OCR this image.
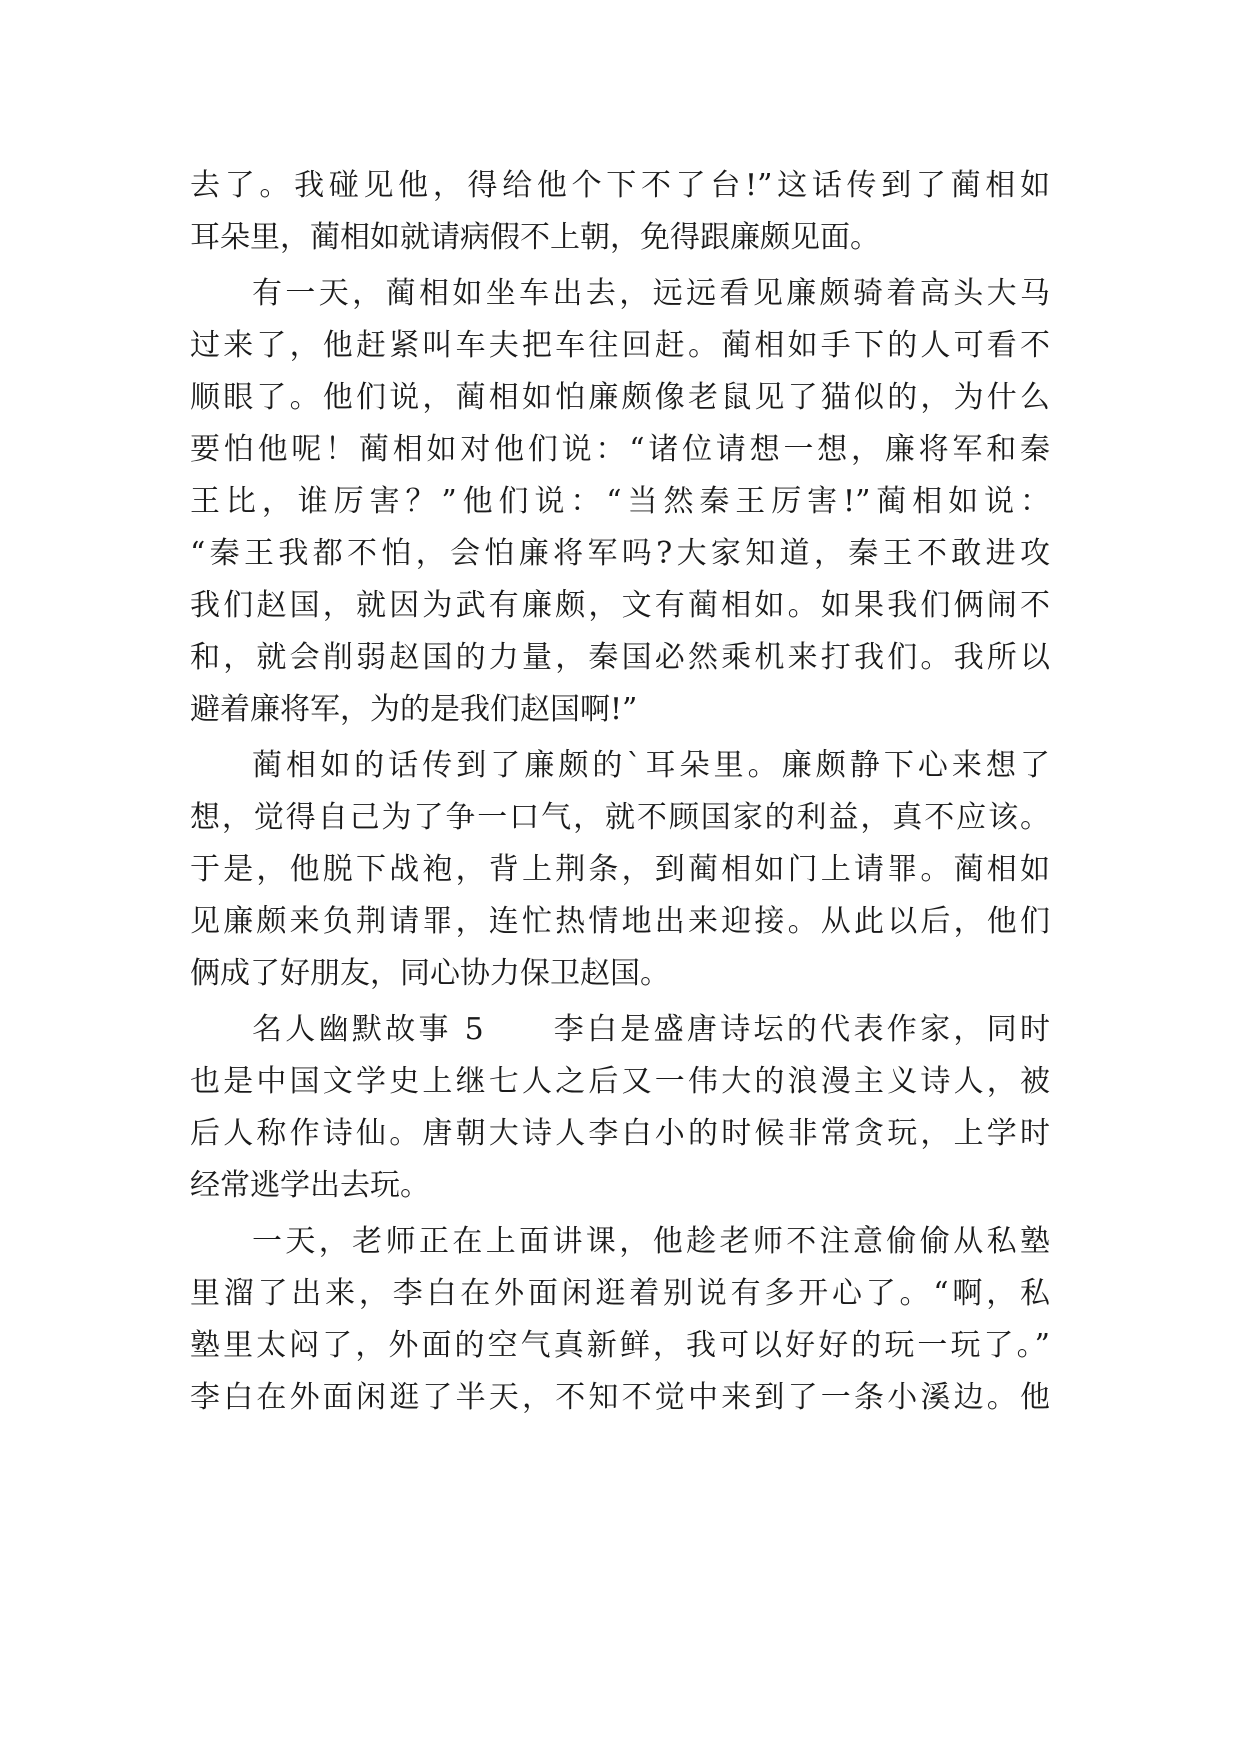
去了。我碰见他，得给他个下不了台!”这话传到了蔺相如
耳朵里，蔺相如就请病假不上朝，免得跟廉颇见面。
有一天，蔺相如坐车出去，远远看见廉颇骑着高头大马
过来了，他赶紧叫车夫把车往回赶。蔺相如手下的人可看不
顺眼了。他们说，蔺相如怕廉颇像老鼠见了猫似的，为什么
要怕他呢！蔺相如对他们说：“诸位请想一想，廉将军和秦
王比，谁厉害？”他们说：“当然秦王厉害!”蔺相如说：
“秦王我都不怕，会怕廉将军吗?大家知道，秦王不敢进攻
我们赵国，就因为武有廉颇，文有蔺相如。如果我们俩闹不
和，就会削弱赵国的力量，秦国必然乘机来打我们。我所以
避着廉将军，为的是我们赵国啊!”
蔺相如的话传到了廉颇的`耳朵里。廉颇静下心来想了
想，觉得自己为了争一口气，就不顾国家的利益，真不应该。
于是，他脱下战袍，背上荆条，到蔺相如门上请罪。蔺相如
见廉颇来负荆请罪，连忙热情地出来迎接。从此以后，他们
俩成了好朋友，同心协力保卫赵国。
名人幽默故事 5　　李白是盛唐诗坛的代表作家，同时
也是中国文学史上继七人之后又一伟大的浪漫主义诗人，被
后人称作诗仙。唐朝大诗人李白小的时候非常贪玩，上学时
经常逃学出去玩。
一天，老师正在上面讲课，他趁老师不注意偷偷从私塾
里溜了出来，李白在外面闲逛着别说有多开心了。“啊，私
塾里太闷了，外面的空气真新鲜，我可以好好的玩一玩了。”
李白在外面闲逛了半天，不知不觉中来到了一条小溪边。他
